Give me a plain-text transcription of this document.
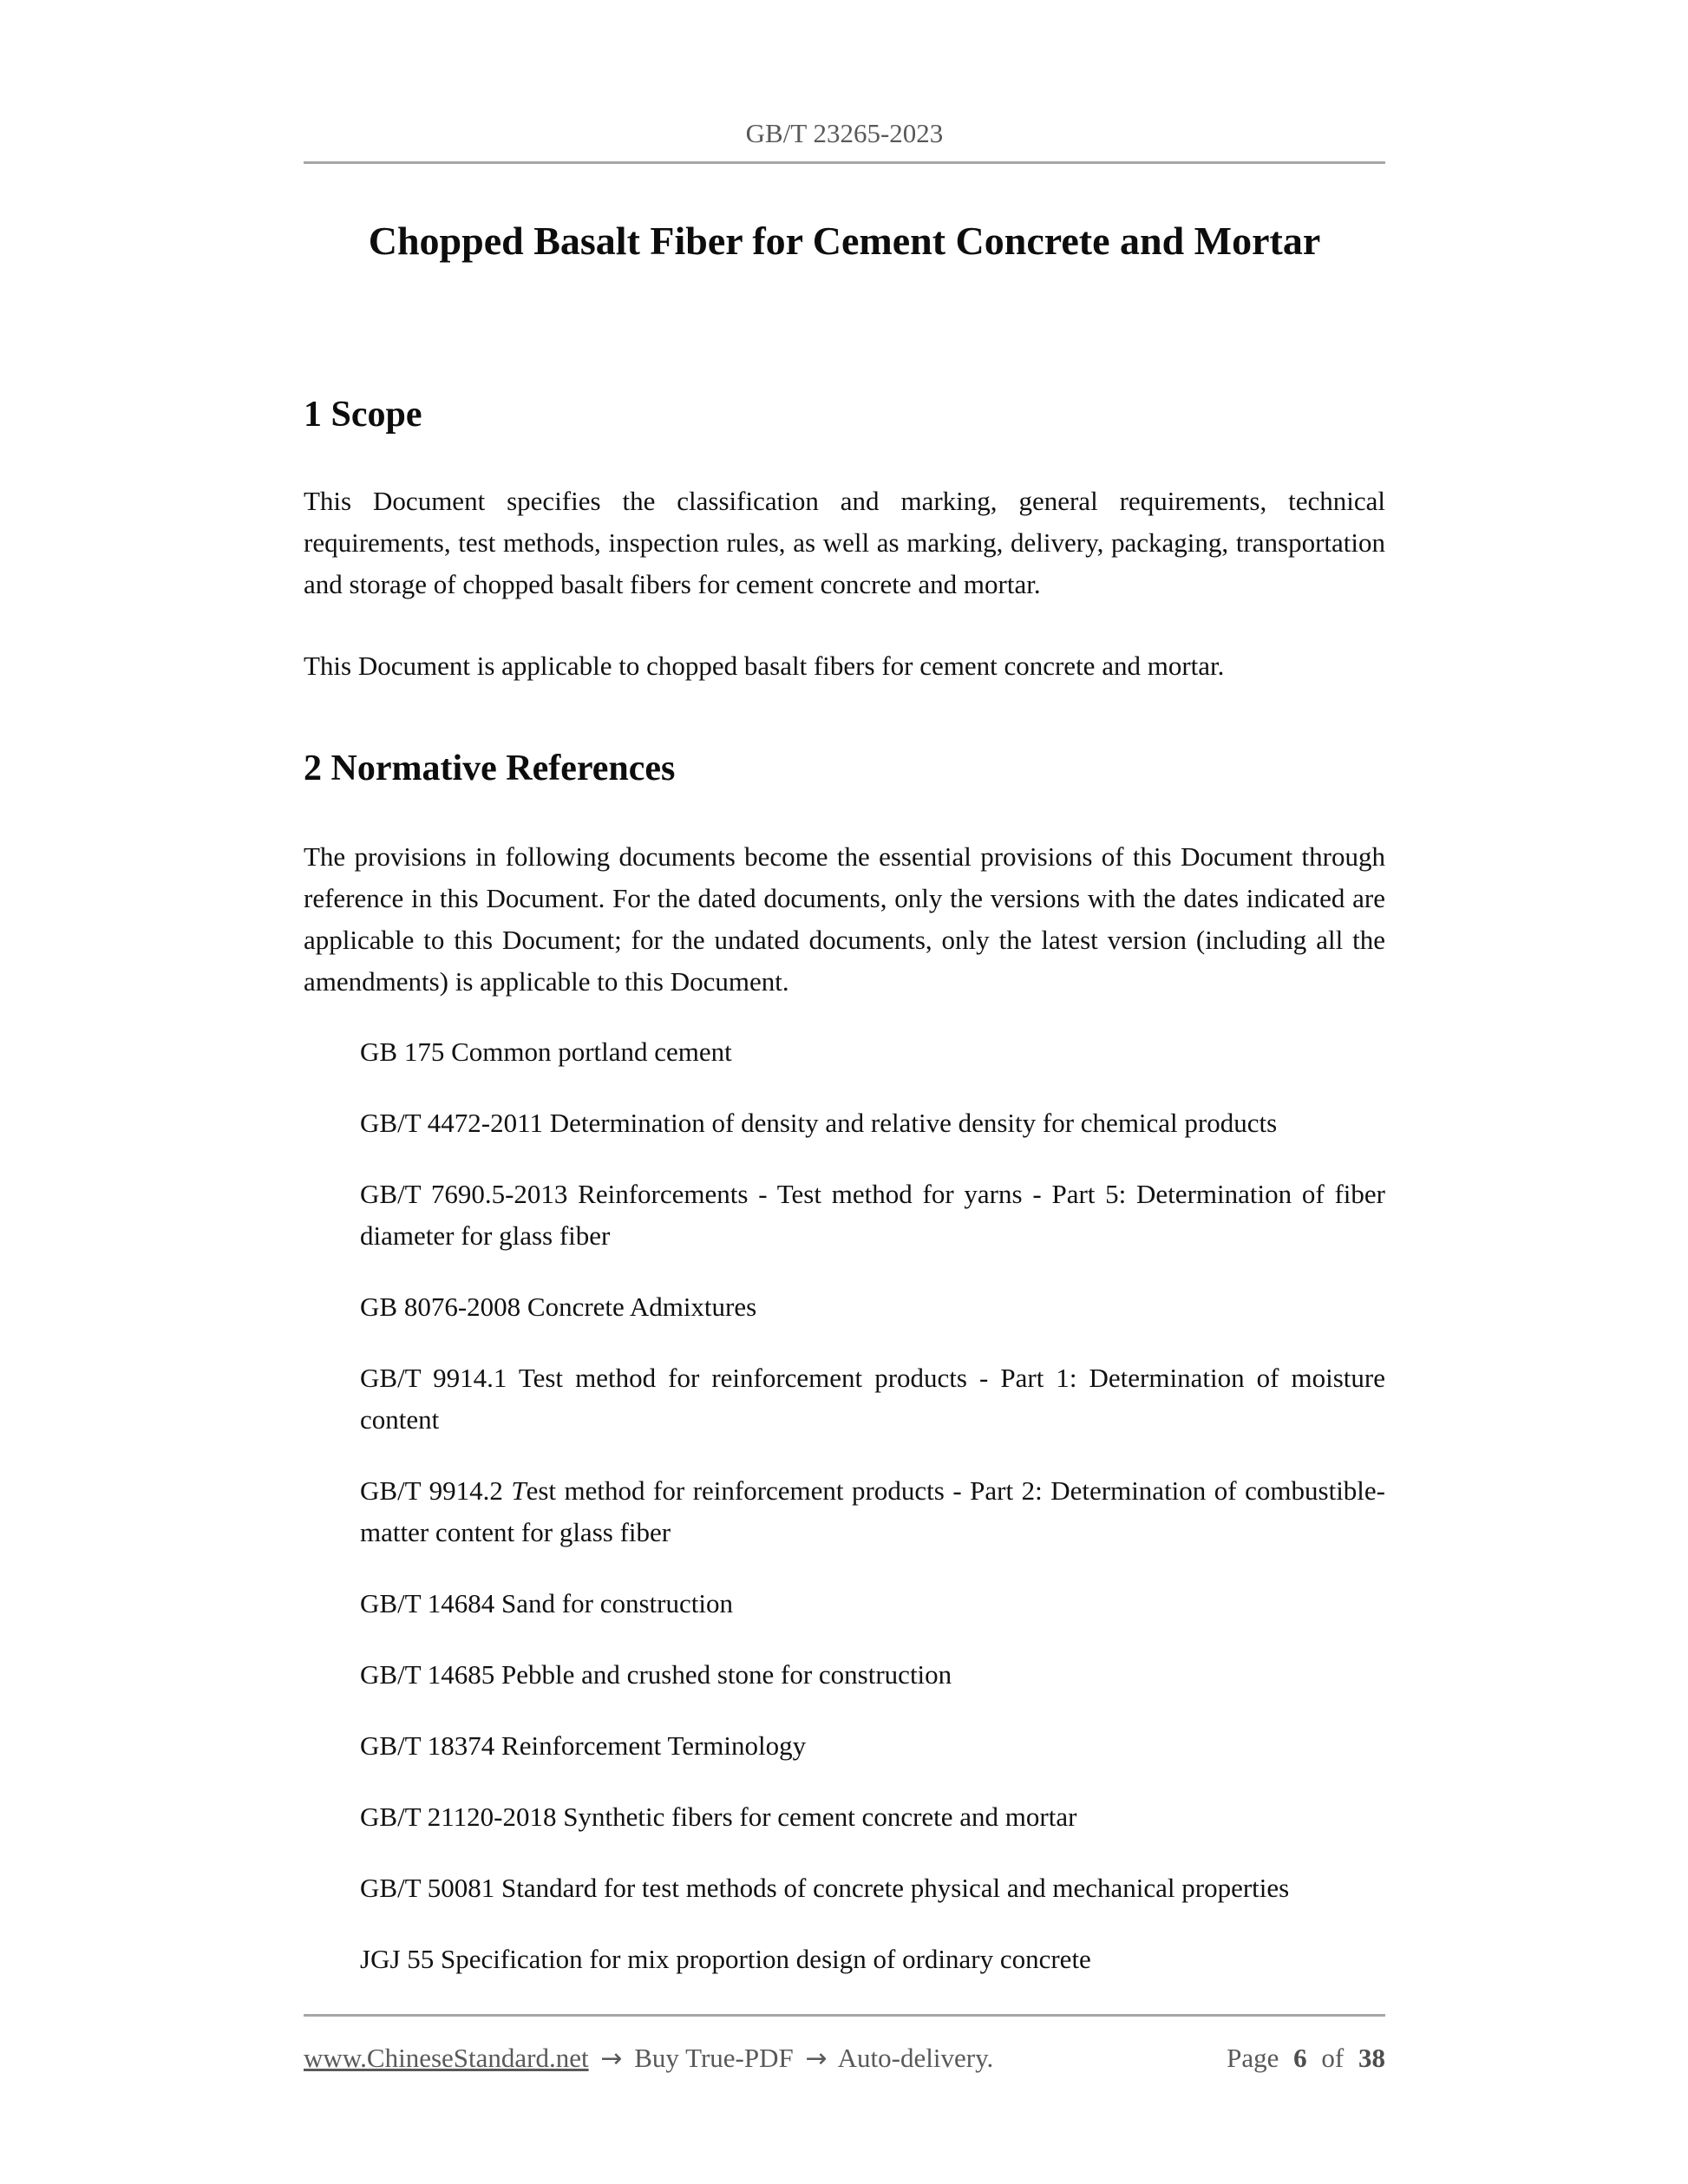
GB/T 23265-2023
Chopped Basalt Fiber for Cement Concrete and Mortar
1 Scope

This Document specifies the classification and marking, general requirements, technical requirements, test methods, inspection rules, as well as marking, delivery, packaging, transportation and storage of chopped basalt fibers for cement concrete and mortar.

This Document is applicable to chopped basalt fibers for cement concrete and mortar.

2 Normative References

The provisions in following documents become the essential provisions of this Document through reference in this Document. For the dated documents, only the versions with the dates indicated are applicable to this Document; for the undated documents, only the latest version (including all the amendments) is applicable to this Document.

GB 175 Common portland cement

GB/T 4472-2011 Determination of density and relative density for chemical products

GB/T 7690.5-2013 Reinforcements - Test method for yarns - Part 5: Determination of fiber diameter for glass fiber

GB 8076-2008 Concrete Admixtures

GB/T 9914.1 Test method for reinforcement products - Part 1: Determination of moisture content

GB/T 9914.2 Test method for reinforcement products - Part 2: Determination of combustible-matter content for glass fiber

GB/T 14684 Sand for construction

GB/T 14685 Pebble and crushed stone for construction

GB/T 18374 Reinforcement Terminology

GB/T 21120-2018 Synthetic fibers for cement concrete and mortar

GB/T 50081 Standard for test methods of concrete physical and mechanical properties

JGJ 55 Specification for mix proportion design of ordinary concrete

www.ChineseStandard.net → Buy True-PDF → Auto-delivery.	Page 6 of 38
